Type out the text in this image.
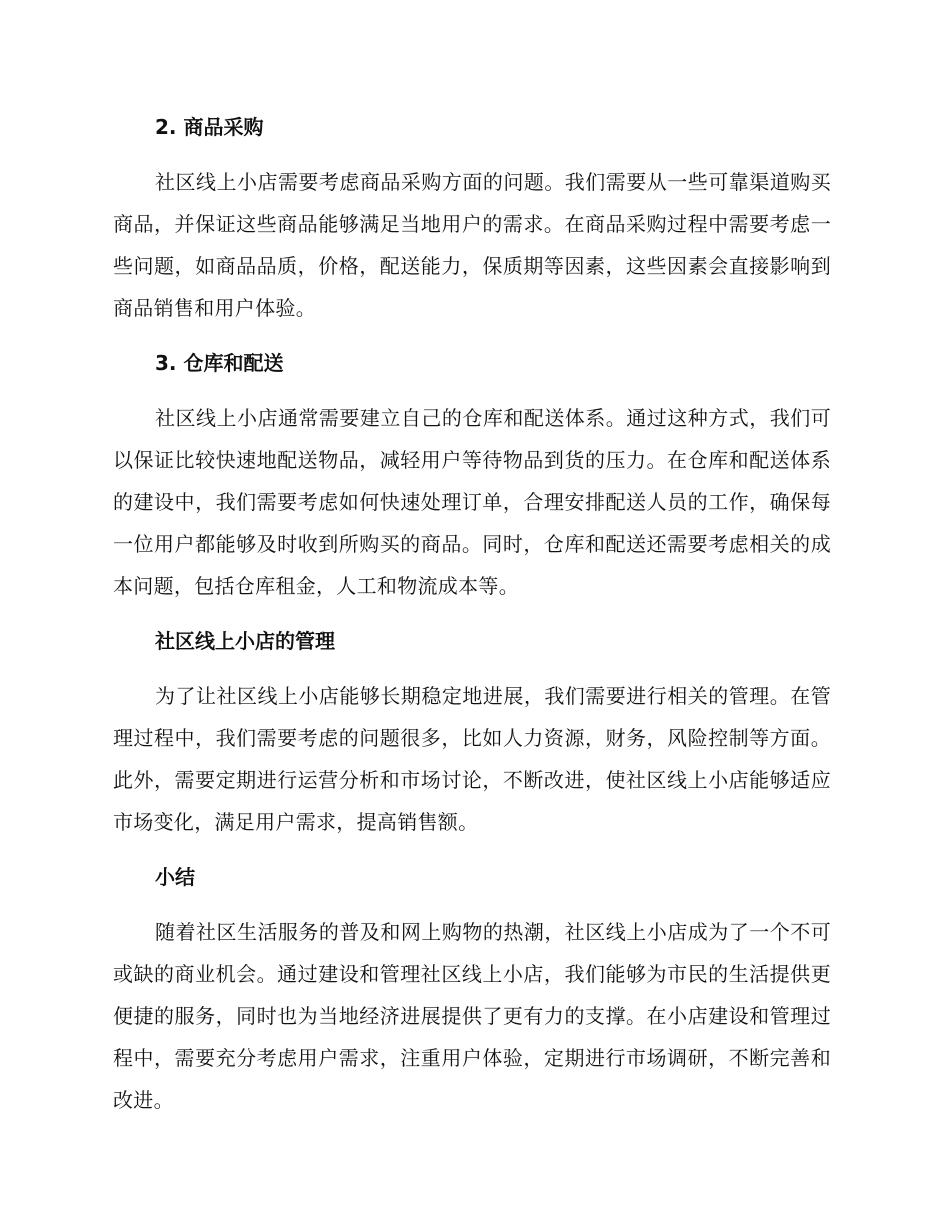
2. 商品采购

社区线上小店需要考虑商品采购方面的问题。我们需要从一些可靠渠道购买商品，并保证这些商品能够满足当地用户的需求。在商品采购过程中需要考虑一些问题，如商品品质，价格，配送能力，保质期等因素，这些因素会直接影响到商品销售和用户体验。

3. 仓库和配送

社区线上小店通常需要建立自己的仓库和配送体系。通过这种方式，我们可以保证比较快速地配送物品，减轻用户等待物品到货的压力。在仓库和配送体系的建设中，我们需要考虑如何快速处理订单，合理安排配送人员的工作，确保每一位用户都能够及时收到所购买的商品。同时，仓库和配送还需要考虑相关的成本问题，包括仓库租金，人工和物流成本等。

社区线上小店的管理

为了让社区线上小店能够长期稳定地进展，我们需要进行相关的管理。在管理过程中，我们需要考虑的问题很多，比如人力资源，财务，风险控制等方面。此外，需要定期进行运营分析和市场讨论，不断改进，使社区线上小店能够适应市场变化，满足用户需求，提高销售额。

小结

随着社区生活服务的普及和网上购物的热潮，社区线上小店成为了一个不可或缺的商业机会。通过建设和管理社区线上小店，我们能够为市民的生活提供更便捷的服务，同时也为当地经济进展提供了更有力的支撑。在小店建设和管理过程中，需要充分考虑用户需求，注重用户体验，定期进行市场调研，不断完善和改进。
